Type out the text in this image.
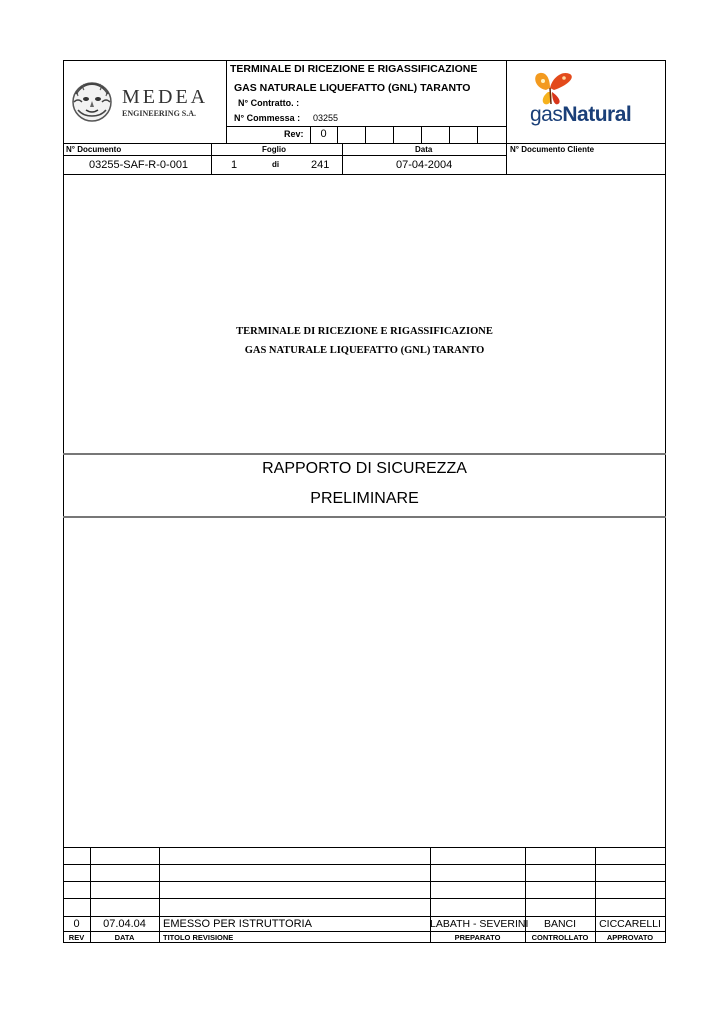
MEDEA
ENGINEERING S.A.
TERMINALE DI RICEZIONE E RIGASSIFICAZIONE
GAS NATURALE LIQUEFATTO (GNL) TARANTO
N° Contratto. :
N° Commessa : 03255
Rev:	0
gasNatural
N° Documento	Foglio	Data	N° Documento Cliente
03255-SAF-R-0-001	1	di	241	07-04-2004
TERMINALE DI RICEZIONE E RIGASSIFICAZIONE
GAS NATURALE LIQUEFATTO (GNL) TARANTO
RAPPORTO DI SICUREZZA
PRELIMINARE
0	07.04.04	EMESSO PER ISTRUTTORIA	LABATH - SEVERINI	BANCI	CICCARELLI
REV	DATA	TITOLO REVISIONE	PREPARATO	CONTROLLATO	APPROVATO
